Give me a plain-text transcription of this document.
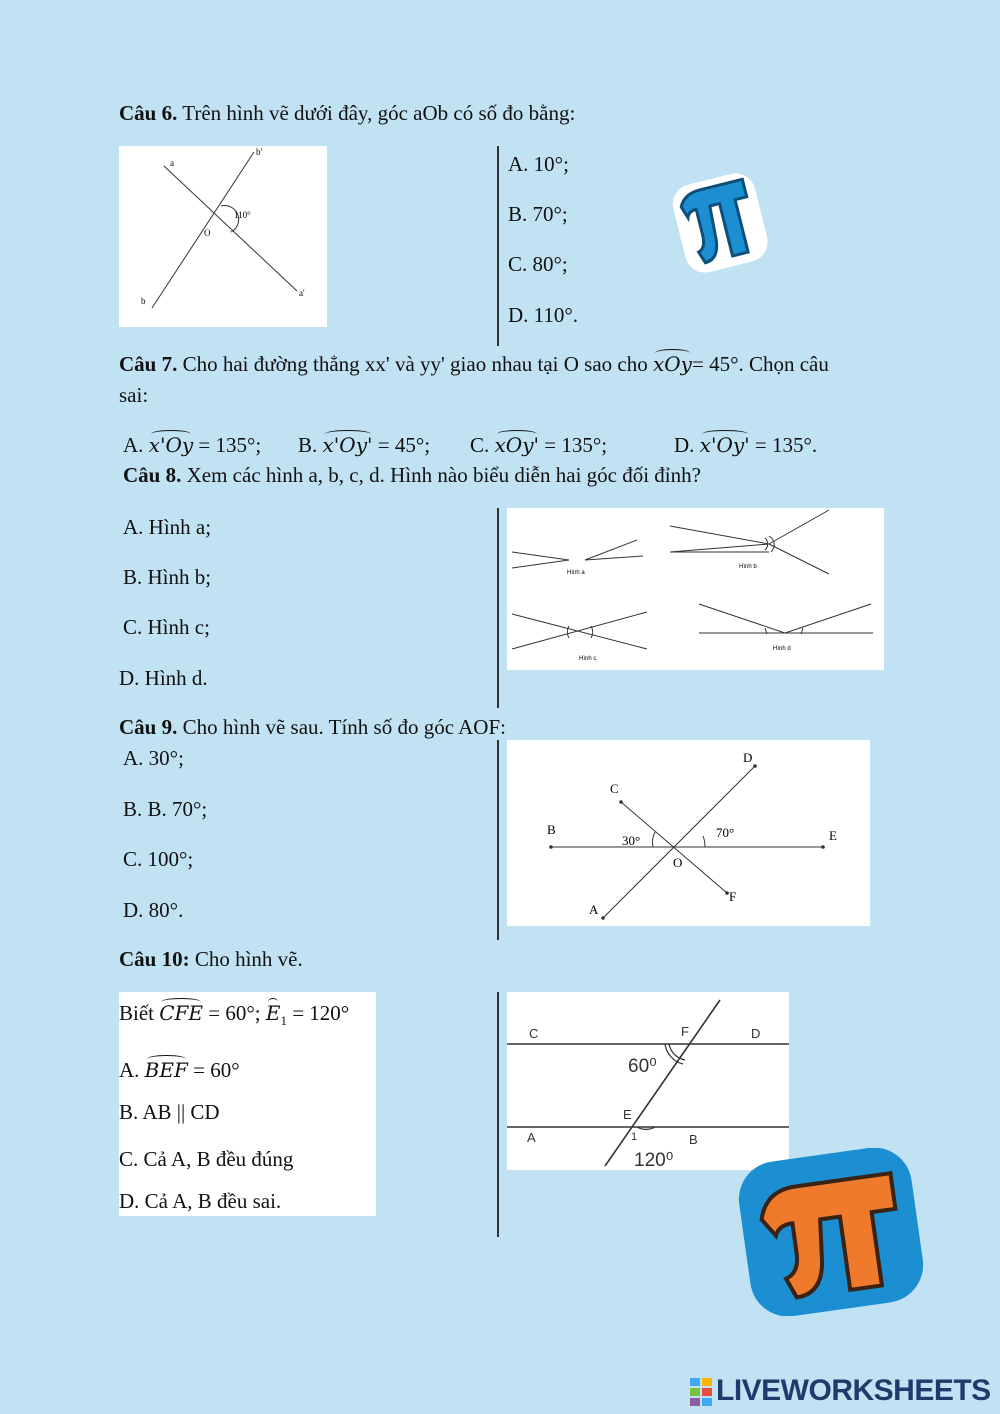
Câu 6. Trên hình vẽ dưới đây, góc aOb có số đo bằng:
a
b'
110°
O
b
a'
A. 10°;
B. 70°;
C. 80°;
D. 110°.
Câu 7. Cho hai đường thẳng xx' và yy' giao nhau tại O sao cho xOy= 45°. Chọn câu
sai:
A. x'Oy = 135°; B. x'Oy' = 45°; C. xOy' = 135°;	D. x'Oy' = 135°.
Câu 8. Xem các hình a, b, c, d. Hình nào biểu diễn hai góc đối đỉnh?
A. Hình a;
B. Hình b;
C. Hình c;
D. Hình d.
Hình a
Hình b
Hình c
Hình d
Câu 9. Cho hình vẽ sau. Tính số đo góc AOF:
A. 30°;
B. B. 70°;
C. 100°;
D. 80°.
B	E
C
D
A
F
O
30°
70°
Câu 10: Cho hình vẽ.
Biết CFE = 60°; $E_1 = 120^\circ$
A. BEF = 60°
B. AB || CD
C. Cả A, B đều đúng
D. Cả A, B đều sai.
C	D
F
E
A	B
1
60⁰
120⁰
LIVEWORKSHEETS
